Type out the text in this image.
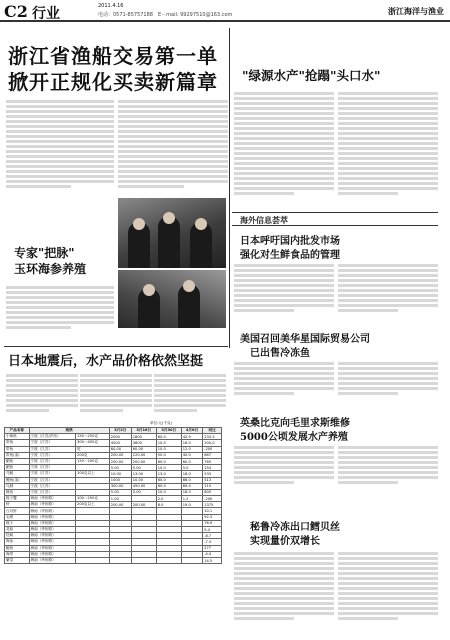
C2 行业	2011.4.16
电话：0571-85757188　E－mail: 99297510@163.com	浙江海洋与渔业
浙江省渔船交易第一单
掀开正规化买卖新篇章
专家"把脉"
玉环海参养殖
"绿源水产"抢蹋"头口水"
海外信息荟萃
日本呼吁国内批发市场
强化对生鲜食品的管理
美国召回美华星国际贸易公司
已出售冷冻鱼
英桑比克向毛里求斯维修
5000公顷发展水产养殖
秘鲁冷冻出口鳕贝丝
实现量价双增长
日本地震后，水产品价格依然坚挺
单位:元(千克)
产品名称	规格		3月2日	3月16日	3月30日	4月6日	同比
小黄鱼	宁波（江苏/沪站）	150～250克	2000	1800	60.0	42.9	233.3
带鱼	宁波（江苏）	300～400克	4000	3800	10.0	16.0	200.0
带鱼	宁波（江苏）	尾	60.00	60.00	10.0	12.0	-200
带鱼(冻)	宁波（江苏）	200克	200.00	120.00	50.0	40.0	667
鲳鱼	宁波（江苏）	150～200克	200.00	200.00	60.0	60.0	769
鲳鱼	宁波（江苏）		5.00	5.00	10.0	5.0	154
马鲛	宁波（江苏）	100克以上	10.00	13.00	13.0	18.0	533
鳗鱼(冻)	宁波（江苏）		1000	10.00	60.0	66.0	513
乌贼	宁波（江苏）		300.00	450.00	60.0	69.0	115
鱿鱼	宁波（江苏）		5.00	5.00	10.0	18.0	800
梭子蟹	海南（华侨路）	100～200克	1.00		2.0	1.2	-200
虾	海南（华侨路）	200克以上	200.00	200.00	8.0	19.0	1375
白对虾	海南（华侨路）						10.1
毛蚶	海南（华侨路）						92.3
蛏子	海南（华侨路）						76.9
花蛤	海南（华侨路）						5.4
牡蛎	海南（华侨路）						-8.7
海参	海南（华侨路）						-7.3
鲍鱼	海南（华侨路）						277
海带	海南（华侨路）						-4.4
紫菜	海南（华侨路）						14.5
